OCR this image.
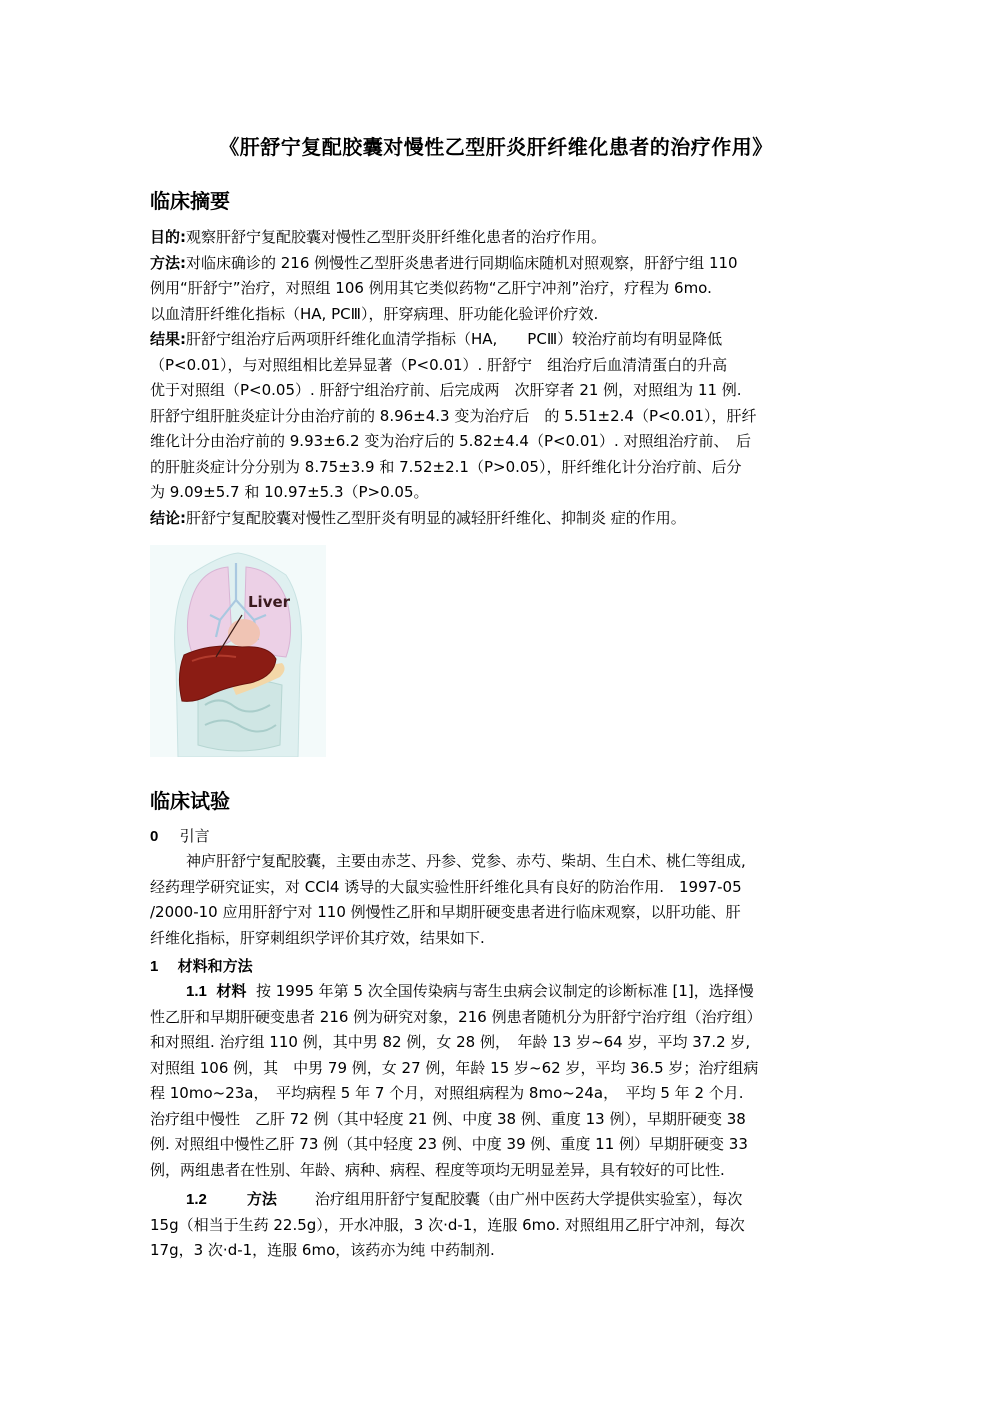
《肝舒宁复配胶囊对慢性乙型肝炎肝纤维化患者的治疗作用》
临床摘要
目的:观察肝舒宁复配胶囊对慢性乙型肝炎肝纤维化患者的治疗作用。
方法:对临床确诊的 216 例慢性乙型肝炎患者进行同期临床随机对照观察，肝舒宁组 110
例用“肝舒宁”治疗，对照组 106 例用其它类似药物“乙肝宁冲剂”治疗，疗程为 6mo.
以血清肝纤维化指标（HA, PCⅢ），肝穿病理、肝功能化验评价疗效.
结果:肝舒宁组治疗后两项肝纤维化血清学指标（HA,　　PCⅢ）较治疗前均有明显降低
（P<0.01），与对照组相比差异显著（P<0.01）. 肝舒宁　组治疗后血清清蛋白的升高
优于对照组（P<0.05）. 肝舒宁组治疗前、后完成两　次肝穿者 21 例，对照组为 11 例.
肝舒宁组肝脏炎症计分由治疗前的 8.96±4.3 变为治疗后　的 5.51±2.4（P<0.01），肝纤
维化计分由治疗前的 9.93±6.2 变为治疗后的 5.82±4.4（P<0.01）. 对照组治疗前、　后
的肝脏炎症计分分别为 8.75±3.9 和 7.52±2.1（P>0.05），肝纤维化计分治疗前、后分
为 9.09±5.7 和 10.97±5.3（P>0.05。
结论:肝舒宁复配胶囊对慢性乙型肝炎有明显的减轻肝纤维化、抑制炎 症的作用。
Liver
临床试验
0 引言
神庐肝舒宁复配胶囊，主要由赤芝、丹参、党参、赤芍、柴胡、生白术、桃仁等组成,
经药理学研究证实，对 CCl4 诱导的大鼠实验性肝纤维化具有良好的防治作用.　1997-05
/2000-10 应用肝舒宁对 110 例慢性乙肝和早期肝硬变患者进行临床观察，以肝功能、肝
纤维化指标，肝穿刺组织学评价其疗效，结果如下.
1 材料和方法
1.1 材料 按 1995 年第 5 次全国传染病与寄生虫病会议制定的诊断标准 [1]，选择慢
性乙肝和早期肝硬变患者 216 例为研究对象，216 例患者随机分为肝舒宁治疗组（治疗组）
和对照组. 治疗组 110 例，其中男 82 例，女 28 例，　年龄 13 岁~64 岁，平均 37.2 岁,
对照组 106 例，其　中男 79 例，女 27 例，年龄 15 岁~62 岁，平均 36.5 岁；治疗组病
程 10mo~23a，　平均病程 5 年 7 个月，对照组病程为 8mo~24a，　平均 5 年 2 个月.
治疗组中慢性　乙肝 72 例（其中轻度 21 例、中度 38 例、重度 13 例），早期肝硬变 38
例. 对照组中慢性乙肝 73 例（其中轻度 23 例、中度 39 例、重度 11 例）早期肝硬变 33
例，两组患者在性别、年龄、病种、病程、程度等项均无明显差异，具有较好的可比性.
1.2	方法	治疗组用肝舒宁复配胶囊（由广州中医药大学提供实验室），每次
15g（相当于生药 22.5g），开水冲服，3 次·d-1，连服 6mo. 对照组用乙肝宁冲剂，每次
17g，3 次·d-1，连服 6mo，该药亦为纯 中药制剂.
